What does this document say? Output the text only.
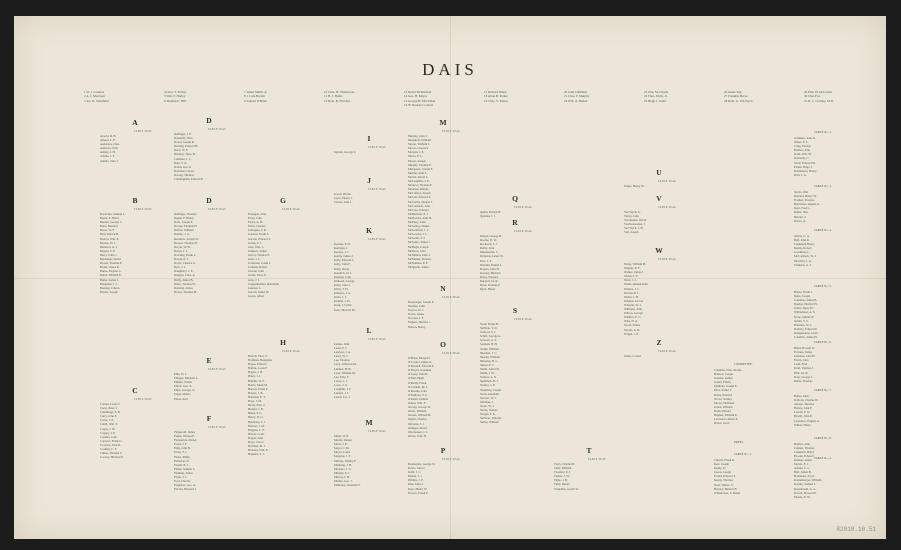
DAIS
1 W. J. Conners
2 A. J. Morrison
3 Jos. D. Stansfield
4 Chas. T. Forbes
5 Wm. F. Hurley
6 Thomas E. Hill
7 James Smith, Jr.
8 J. Cole Harrah
9 Samuel O'Brien
10 Chas. H. Vandevoort
11 H. J. Hollis
12 Robt. B. Fletcher
13 David McDermott
14 Geo. H. Meyer
15 George B. McClellan
16 W. Bourke Cockran
17 Richard Olney
18 Alton B. Parker
19 Chas. S. Tobias
20 John Cummins
21 Chas. F. Murphy
22 Wm. A. Hunter
23 Wm. M. Owens
24 Thos. Wells, Jr.
25 Hugh J. Grant
26 Andre Kip
27 Franklin Pierce
28 Robt. A. Van Wyck
29 Patk. H. McCarren
30 Chas Fox
31 R. C. Cromey, M.D.
A
TABLE SEAT.
Arnold, R. B.
Amsen, L. F.
Anderson, Chas.
Andrews, Wm.
Ashley, J. H.
Adams, J. S.
Adams, John J.
B
TABLE SEAT.
Boettcher, Samuel L.
Baum, F. Henry
Barnett, George C.
Bohn, Bernard
Bauer, W. F.
Bird, Patrick H.
Britton, Wm. E.
Becker, W. J.
Bellanca, A. J.
Bergen, T. F.
Berry, John C.
Bensinger, David
Brown, Thomas E.
Brush, James R.
Burke, Eugene L.
Burns, William E.
Butler, James J.
Benjamin, J. J.
Bussing, John A.
Brader, Joseph
C
TABLE SEAT.
Conner, Lewis J.
Carey, Peter J.
Cummings, F. B.
Curry, John F.
Carter, J. E.
Cahill, Wm. T.
Cogan, J. W.
Coggey, J. P.
Conklin, John
Connors, Frank G.
Crowley, John D.
Coakley, C. F.
Cullen, Thomas V.
Cooney, Michael E.
D
TABLE SEAT.
Dellinger, J. F.
Donnelly, Thos.
Dowd, Joseph R.
Dearing, Edward H.
Drew, W. F.
Delaney, Thos. R.
Callahan, J. C.
Daly, T. A.
Dolan, Geo. P.
Donohue, Owen
Dooley, Thomas
Cunningham, Edward F.
D
TABLE SEAT.
Dallinger, Thomas
Degan, F. Henry
Dorn, Joseph E.
Dorsey, Thomas H.
Dufour, William
Dunlap, J. A.
Deadrick, Joseph W.
Devere, Thomas H.
Dwyer, W. H.
Doran, J. J.
Dowling, Frank L.
Doody, E. J.
Doyle, Charles G.
Dyer, J. J.
Dougherty, J. E.
Duggan, Chas. A.
Duffy, James B.
Dunn, Thomas H.
Durning, James
Dovey, Thomas M.
E
TABLE SEAT.
Ellis, W. L.
Ebinger, Mitchell L.
Emmet, Walter
Elliott, Geo. A.
Ehret, George, Jr.
Engel, Martin
Eilers, Karl
F
TABLE SEAT.
Fitzgerald, James
Fisher, Warren E.
Fitzpatrick, Daniel
Ferris, J. F.
Fahy, John H.
Foley, T. J.
Fuchs, Philip
Fullerton, N.
Farrell, E. J.
Finley, Samuel L.
Fleming, James
Flynn, J. J.
Ford, Charles
Ferguson, Geo. A.
Fischer, Bernard J.
G
TABLE SEAT.
Flanagan, John
Foley, John
Fuchs, A. H.
Furey, Charles
Gallagher, J. P.
Gannon, Frank S.
Garvan, Edward T.
Gavin, P. J.
Geis, Wm. J.
Gilmore, James
Gilroy, Thomas F.
Glen, J. C.
Goldstein, Jonah J.
Graham, Robert
Greene, John
Grady, Thos. F.
Gray, J. J.
Guggenheimer, Randolph
Guntzer, L.
Gerard, James W.
Green, Albert
H
TABLE SEAT.
Harrell, Thos. F.
Hoffman, Benjamin
Hayes, Edward
Haffen, Louis F.
Hagan, J. H.
Haley, J. J.
Hamlin, W. F.
Harris, Mark M.
Harvey, Frank E.
Hauser, J. B.
Hartman, E. T.
Hays, J. M.
Healy, Edw. J.
Hedger, J. B.
Heinz, P. C.
Henry, D. G.
Hennessy, J. J.
Herbert, J. M.
Higgins, C. F.
Hirsch, Louis
Hogan, John
Hoey, John J.
Holahan, M. J.
Holland, Wm. P.
Hopkins, S. J.
I
TABLE SEAT.
Ingram, George L.
J
TABLE SEAT.
Jewett, Hiram
Joyce, Henry J.
Jordan, John L.
K
TABLE SEAT.
Keenan, P. H.
Kerrigan, J.
Keeney, J. J.
Kenny, James J.
Kelly, Edward J.
Kelly, John F.
Kelly, Owen
Kenefick, D. J.
Kiernan, John
Kinkead, George
Kelly, John J.
Kirby, T. H.
Kleinert, J. A.
Klein, J. J.
Kramer, J. D.
Krug, J. Lydin
Kern, Howard M.
L
TABLE SEAT.
Larkin, John
Lauer, F. J.
Lawless, J. A.
Leary, W. J.
Lee, Thomas
Levy, Jefferson M.
Lindner, H. B.
Lynn, William M.
Lee, Edw. T.
Leavy, J. J.
Lowe, J. A.
Loughlin, J. F.
Lunney, J. L.
Lynch, Jos. J.
M
TABLE SEAT.
Mann, W. P.
Martin, Daniel
Mack, J. P.
Mayer, J. M.
Meyer, Louis
Maguire, J. T.
Malone, Dudley F.
Manning, J. H.
McAdoo, J. S.
Murphy, E. J.
Murray, J. B.
Marble, Geo. J.
Mahoney, Jeremiah T.
M
TABLE SEAT.
Murphy, John J.
Moshkoff, William
Moran, William L.
Moore, Clarence
Morgan, J. E.
Morse, F. L.
Moses, Joseph
Murphy, Thomas F.
Mulqueen, Joseph F.
Murtha, John F.
Morris, David L.
McLaughlin, J. E.
McAvoy, Thomas F.
McAleer, Dennis
McCaffrey, Joseph
McCall, Edward E.
McCarthy, Dennis J.
McCormack, John
McCrea, Edward
McDermott, P. J.
McDonald, John H.
McElroy, John
McGinley, Daniel
McGoldrick, J. J.
McGovern, J. J.
McGrath, T. J.
McGuire, James J.
McHugh, Joseph
McKeon, John
McMahon, John J.
McManus, Thomas
McNamara, P. F.
McQuade, James
N
TABLE SEAT.
Newburger, Joseph E.
Neumer, John
Norton, W. J.
Nolan, James
Noonan, J. F.
Nugent, Thomas J.
Nelson, Henry
O
TABLE SEAT.
O'Brien, Morgan J.
O'Connor, James A.
O'Donnell, Edward F.
O'Dwyer, Jeremiah
O'Leary, John R.
O'Neil, Hugh
O'Reilly, Frank
O'Connell, M. J.
O'Rourke, John
O'Sullivan, T. C.
O'Keefe, Dennis
Oakes, Wm. F.
Olvany, George W.
Owen, William
Owens, William H.
Ogden, Charles
Osborne, J. J.
Ottinger, Albert
Oberhauser, J. J.
Oliver, Wm. H.
P
TABLE SEAT.
Pendergast, George W.
Peters, John J.
Pettit, J. C.
Phelan, J. J.
Phillips, J. F.
Platt, John J.
Pope, Henry W.
Powers, Frank E.
Q
TABLE SEAT.
Quinn, Patrick H.
Quinlan, J. J.
R
TABLE SEAT.
Ringel, George H.
Roome, E. W.
Rockwell, J. J.
Reilly, John
Rhinelander, T.
Richards, Lewis W.
Rice, J. F.
Riordan, Daniel J.
Rogers, John W.
Rooney, Michael
Rowe, Edward
Ruppert, Jacob
Ryan, Thomas F.
Ryan, Henry
S
TABLE SEAT.
Stark, Frank H.
Sullivan, T. D.
Sanford, S. J.
Schiff, George G.
Schwab, A. S.
Seaman, B. H.
Seidel, William
Sheehan, J. C.
Sheehy, William
Shientag, B. L.
Simon, F. J.
Smith, Alfred E.
Smith, J. W.
Somers, A. N.
Spellman, H. J.
Stanley, J. P.
Steinberg, Joseph
Stern, Abraham
Stewart, W. J.
Stillman, J.
Stone, W. J.
Straus, Nathan
Sturgis, F. K.
Sullivan, Timothy
Sulzer, William
T
TABLE SEAT.
Tracy, Charles H.
Tully, William
Twomey, P. J.
Tucker, J. W.
Tighe, J. H.
Tully, Daniel
Tompkins, Leslie W.
U
TABLE SEAT.
Unger, Henry W.
V
TABLE SEAT.
Van Wyck, A.
Varley, John
Von Ruden, David
Van Renssalaer, J.
Van Wyck, J. H.
Vail, Joseph
W
TABLE SEAT.
Weiss, William H.
Wagner, R. F.
Walker, James J.
Walsh, T. F.
Ward, J. J.
Waldo, Rhinelander
Walters, J. J.
Warren, P. J.
Weber, J. H.
Whalen, Grover
Wheeler, W. J.
Williams, John
Wilson, George
Winkler, E. C.
Wise, H. A.
Wood, Walter
Woods, A. B.
Wright, J. P.
Z
TABLE SEAT.
Zeller, Lorenz
TABLE No. 1.
Grimmer, John D.
Olmer, F. C.
Craig, Patrick
Dunbar, John
Pettit, Wm. H.
Donnelly, C.
Slack, Edward W.
Eisner, Hugo J.
Rotherborn, Henry
Rich, J. A.
TABLE No. 3.
Stoltz, John
Bernard, Henry W.
Frankel, Thomas
Herrmann, August A.
Kent, Fred C.
Keller, Otto
Bernier, J.
Rivers, A.
TABLE No. 4.
Albers, C. A.
Bell, John R.
Campbell, Henry
Denny, Robert
Goodman, L.
McCormack, W. J.
Morrissy, J. A.
Ullmann, A. J.
TABLE No. 5.
Harris, Frank J.
Reiss, Joseph
Coleman, James B.
Dunlop, Herbert H.
Gibbs, Harry H.
Williamson, A. S.
Stone, Walter W.
Seidel, S. S.
Hartman, W. J.
Doherty, Edward F.
Klingenstein, Louis
Coleman, James H.
TABLE No. 6.
Baird, Howell W.
Fortune, James
Glennon, John H.
Erwin, John
Ladd, Fred
Kidd, Thomas J.
Platt, Jacob
Rose, George J.
Reilly, Thomas
TABLE No. 7.
Burke, John
Kollock, Charles W.
Ahearn, Thomas
Hurley, John F.
Leavitt, F. W.
Hewitt, John E.
Lawrence, Eugene A.
Wilkie, Henry
TABLE No. 8.
Dunbar, John
Lunden, Thomas
Campbell, Harry
Brooks, Edward
Dunkin, James
COMMITTEE.
Coleman, Wm. Strobie
Hudson, Joseph
Grissler, Arthur
Gould, Edwin
Mankuts, Joseph E.
Pilot, Arthur T.
Davis, Edward
Stowe, Stanley
Moore, Hoffman
Green, William
Bruin, Harold
Hughes, William E.
Lawrence, Albert E.
Brand, Jacob
PRESS.
TABLE No. 1.
Church, Frank K.
Kerr, Joseph
Ready, W.
Green, Joseph
Ewald, Edward T.
Kenny, Thomas
Steel, Walter, Jr.
Hawley, Herbert B.
Whitehouse, S. Ralph
TABLE No. 2.
Morris, E. J.
Adams, C. L.
Bell, James B.
Hollander, Jacob
Rothenberger, William
Koenig, Samuel J.
Rosenbaum, A. A.
Powell, Howard E.
Morris, R. W.
R2010.10.51
